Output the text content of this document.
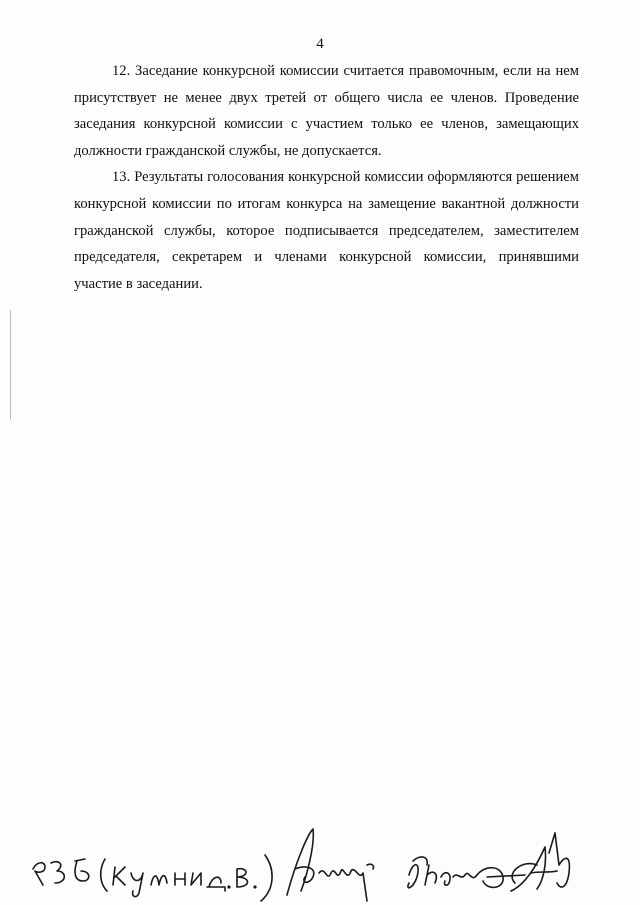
4

12. Заседание конкурсной комиссии считается правомочным, если на нем присутствует не менее двух третей от общего числа ее членов. Проведение заседания конкурсной комиссии с участием только ее членов, замещающих должности гражданской службы, не допускается.

13. Результаты голосования конкурсной комиссии оформляются решением конкурсной комиссии по итогам конкурса на замещение вакантной должности гражданской службы, которое подписывается председателем, заместителем председателя, секретарем и членами конкурсной комиссии, принявшими участие в заседании.
